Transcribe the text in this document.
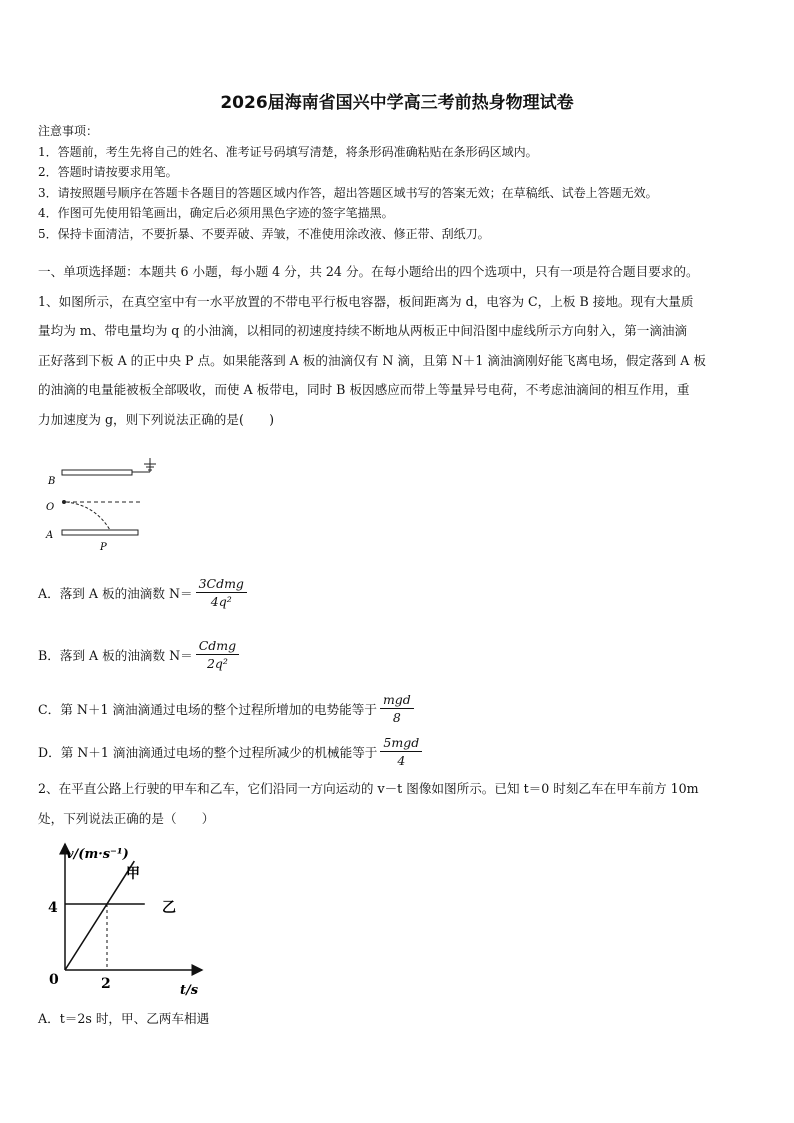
2026届海南省国兴中学高三考前热身物理试卷
注意事项：
1．答题前，考生先将自己的姓名、准考证号码填写清楚，将条形码准确粘贴在条形码区域内。
2．答题时请按要求用笔。
3．请按照题号顺序在答题卡各题目的答题区域内作答，超出答题区域书写的答案无效；在草稿纸、试卷上答题无效。
4．作图可先使用铅笔画出，确定后必须用黑色字迹的签字笔描黑。
5．保持卡面清洁，不要折暴、不要弄破、弄皱，不准使用涂改液、修正带、刮纸刀。
一、单项选择题：本题共 6 小题，每小题 4 分，共 24 分。在每小题给出的四个选项中，只有一项是符合题目要求的。
1、如图所示，在真空室中有一水平放置的不带电平行板电容器，板间距离为 d，电容为 C，上板 B 接地。现有大量质
量均为 m、带电量均为 q 的小油滴，以相同的初速度持续不断地从两板正中间沿图中虚线所示方向射入，第一滴油滴
正好落到下板 A 的正中央 P 点。如果能落到 A 板的油滴仅有 N 滴，且第 N＋1 滴油滴刚好能飞离电场，假定落到 A 板
的油滴的电量能被板全部吸收，而使 A 板带电，同时 B 板因感应而带上等量异号电荷，不考虑油滴间的相互作用，重
力加速度为 g，则下列说法正确的是(　　)
B
O
A
P
A．落到 A 板的油滴数 $N= \frac{\text{3Cdmg}}{\text{4q²}}$
B．落到 A 板的油滴数 $N= \frac{\text{Cdmg}}{\text{2q²}}$
C．第 N＋1 滴油滴通过电场的整个过程所增加的电势能等于 $\frac{\text{mgd}}{8}$
D．第 N＋1 滴油滴通过电场的整个过程所减少的机械能等于 $\frac{\text{5mgd}}{4}$
2、在平直公路上行驶的甲车和乙车，它们沿同一方向运动的 v－t 图像如图所示。已知 t＝0 时刻乙车在甲车前方 10m
处，下列说法正确的是（　　）
v/(m·s⁻¹)
t/s
0
4
2
甲
乙
A．t＝2s 时，甲、乙两车相遇
